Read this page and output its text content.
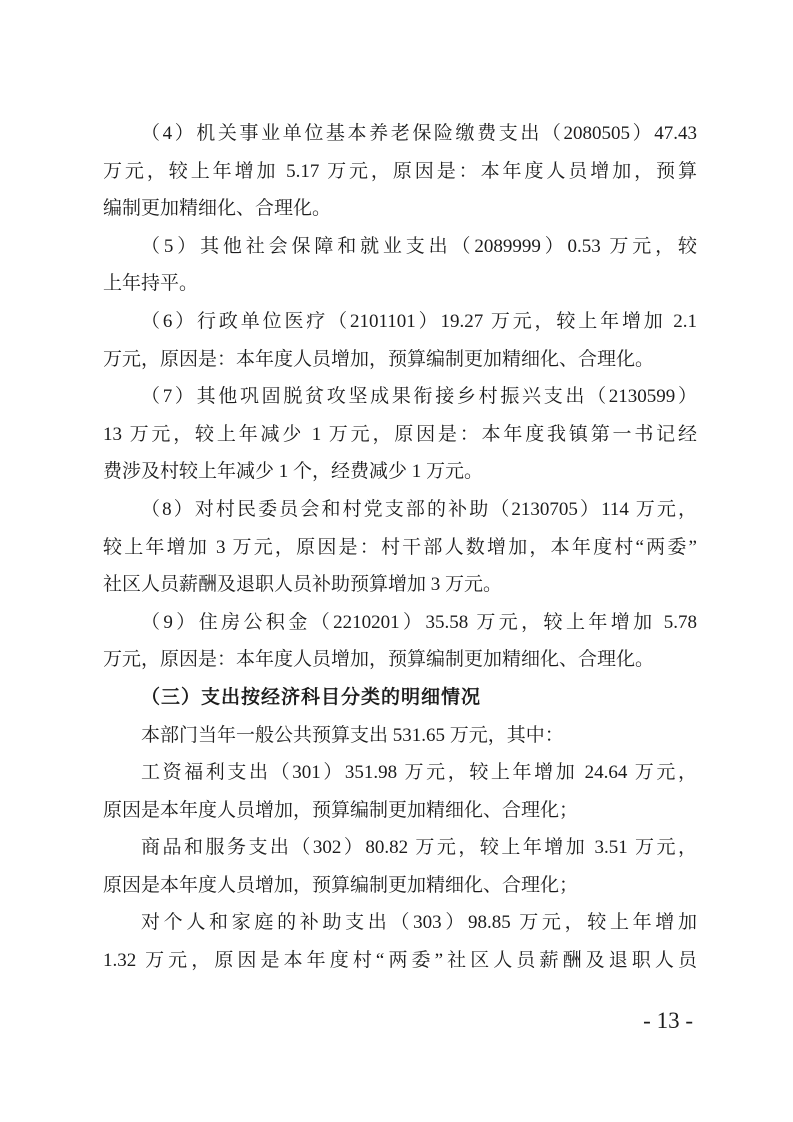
（4）机关事业单位基本养老保险缴费支出（2080505）47.43
万元，较上年增加 5.17 万元，原因是：本年度人员增加，预算
编制更加精细化、合理化。

（5）其他社会保障和就业支出（2089999）0.53 万元，较
上年持平。

（6）行政单位医疗（2101101）19.27 万元，较上年增加 2.1
万元，原因是：本年度人员增加，预算编制更加精细化、合理化。

（7）其他巩固脱贫攻坚成果衔接乡村振兴支出（2130599）
13 万元，较上年减少 1 万元，原因是：本年度我镇第一书记经
费涉及村较上年减少 1 个，经费减少 1 万元。

（8）对村民委员会和村党支部的补助（2130705）114 万元，
较上年增加 3 万元，原因是：村干部人数增加，本年度村“两委”
社区人员薪酬及退职人员补助预算增加 3 万元。

（9）住房公积金（2210201）35.58 万元，较上年增加 5.78
万元，原因是：本年度人员增加，预算编制更加精细化、合理化。

（三）支出按经济科目分类的明细情况

本部门当年一般公共预算支出 531.65 万元，其中：

工资福利支出（301）351.98 万元，较上年增加 24.64 万元，
原因是本年度人员增加，预算编制更加精细化、合理化；

商品和服务支出（302）80.82 万元，较上年增加 3.51 万元，
原因是本年度人员增加，预算编制更加精细化、合理化；

对个人和家庭的补助支出（303）98.85 万元，较上年增加
1.32 万元，原因是本年度村“两委”社区人员薪酬及退职人员

- 13 -
